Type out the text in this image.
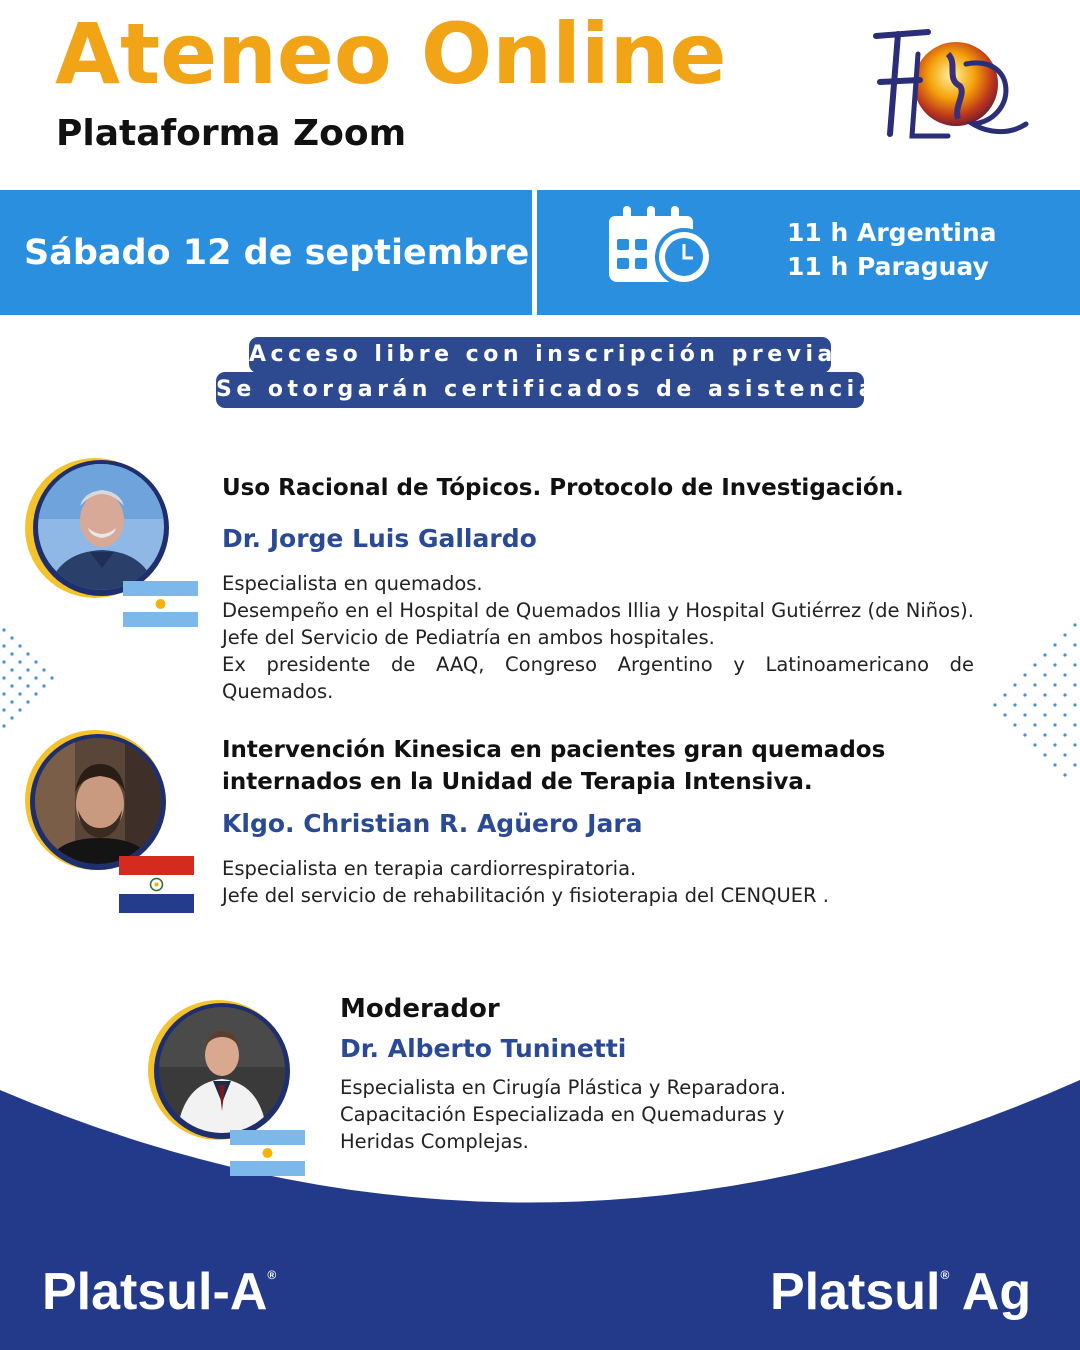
Ateneo Online
Plataforma Zoom
Sábado 12 de septiembre	11 h Argentina
11 h Paraguay
Acceso libre con inscripción previa
Se otorgarán certificados de asistencia
Uso Racional de Tópicos. Protocolo de Investigación.
Dr. Jorge Luis Gallardo
Especialista en quemados.
Desempeño en el Hospital de Quemados Illia y Hospital Gutiérrez (de Niños). Jefe del Servicio de Pediatría en ambos hospitales.
Ex presidente de AAQ, Congreso Argentino y Latinoamericano de Quemados.
Intervención Kinesica en pacientes gran quemados
internados en la Unidad de Terapia Intensiva.
Klgo. Christian R. Agüero Jara
Especialista en terapia cardiorrespiratoria.
Jefe del servicio de rehabilitación y fisioterapia del CENQUER .
Moderador
Dr. Alberto Tuninetti
Especialista en Cirugía Plástica y Reparadora.
Capacitación Especializada en Quemaduras y
Heridas Complejas.
Platsul-A®	Platsul® Ag
